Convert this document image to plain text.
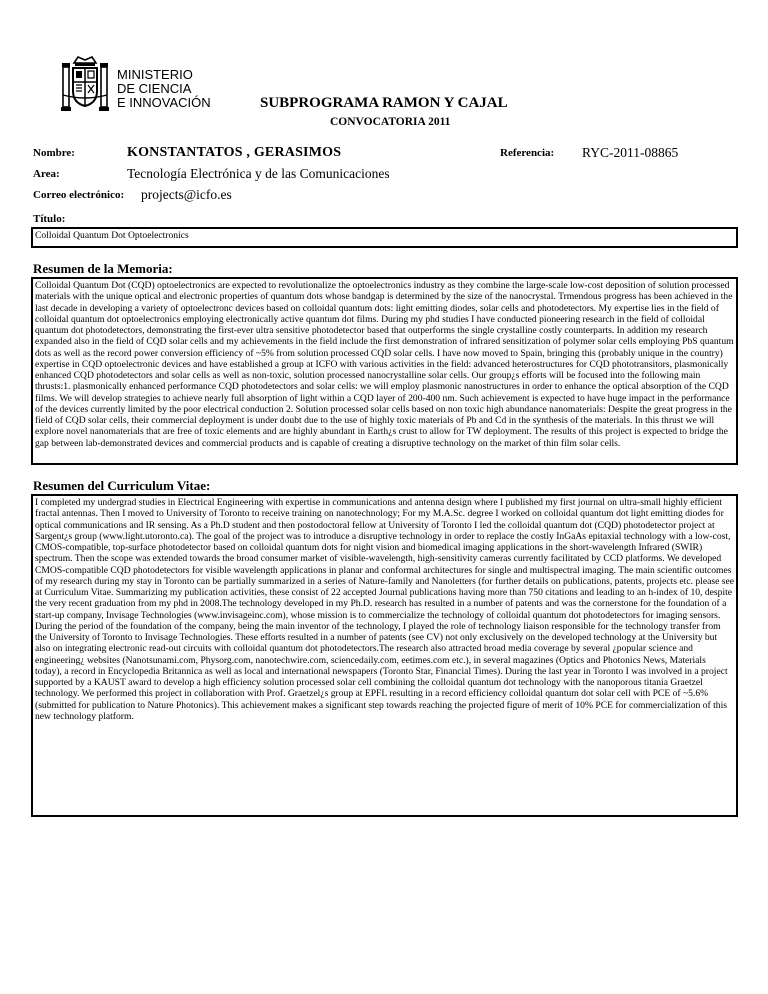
MINISTERIO
DE CIENCIA
E INNOVACIÓN	SUBPROGRAMA RAMON Y CAJAL
CONVOCATORIA 2011
Nombre:	KONSTANTATOS , GERASIMOS	Referencia: RYC-2011-08865
Area:	Tecnología Electrónica y de las Comunicaciones
Correo electrónico: projects@icfo.es
Título:
Colloidal Quantum Dot Optoelectronics
Resumen de la Memoria:
Colloidal Quantum Dot (CQD) optoelectronics are expected to revolutionalize the optoelectronics industry as they combine the large-scale low-cost deposition of solution processed materials with the unique optical and electronic properties of quantum dots whose bandgap is determined by the size of the nanocrystal. Trmendous progress has been achieved in the last decade in developing a variety of optoelectronc devices based on colloidal quantum dots: light emitting diodes, solar cells and photodetectors. My expertise lies in the field of colloidal quantum dot optoelectronics employing electronically active quantum dot films. During my phd studies I have conducted pioneering research in the field of colloidal quantum dot photodetectors, demonstrating the first-ever ultra sensitive photodetector based that outperforms the single crystalline costly counterparts. In addition my research expanded also in the field of CQD solar cells and my achievements in the field include the first demonstration of infrared sensitization of polymer solar cells employing PbS quantum dots as well as the record power conversion efficiency of ~5% from solution processed CQD solar cells. I have now moved to Spain, bringing this (probably unique in the country) expertise in CQD optoelectronic devices and have established a group at ICFO with various activities in the field: advanced heterostructures for CQD phototransitors, plasmonically enhanced CQD photodetectors and solar cells as well as non-toxic, solution processed nanocrystalline solar cells. Our group¿s efforts will be focused into the following main thrusts:1. plasmonically enhanced performance CQD photodetectors and solar cells: we will employ plasmonic nanostructures in order to enhance the optical absorption of the CQD films. We will develop strategies to achieve nearly full absorption of light within a CQD layer of 200-400 nm. Such achievement is expected to have huge impact in the performance of the devices currently limited by the poor electrical conduction 2. Solution processed solar cells based on non toxic high abundance nanomaterials: Despite the great progress in the field of CQD solar cells, their commercial deployment is under doubt due to the use of highly toxic materials of Pb and Cd in the synthesis of the materials. In this thrust we will explore novel nanomaterials that are free of toxic elements and are highly abundant in Earth¿s crust to allow for TW deployment. The results of this project is expected to bridge the gap between lab-demonstrated devices and commercial products and is capable of creating a disruptive technology on the market of thin film solar cells.
Resumen del Curriculum Vitae:
I completed my undergrad studies in Electrical Engineering with expertise in communications and antenna design where I published my first journal on ultra-small highly efficient fractal antennas. Then I moved to University of Toronto to receive training on nanotechnology; For my M.A.Sc. degree I worked on colloidal quantum dot light emitting diodes for optical communications and IR sensing. As a Ph.D student and then postodoctoral fellow at University of Toronto I led the colloidal quantum dot (CQD) photodetector project at Sargent¿s group (www.light.utoronto.ca). The goal of the project was to introduce a disruptive technology in order to replace the costly InGaAs epitaxial technology with a low-cost, CMOS-compatible, top-surface photodetector based on colloidal quantum dots for night vision and biomedical imaging applications in the short-wavelength Infrared (SWIR) spectrum. Then the scope was extended towards the broad consumer market of visible-wavelength, high-sensitivity cameras currently facilitated by CCD platforms. We developed CMOS-compatible CQD photodetectors for visible wavelength applications in planar and conformal architectures for single and multispectral imaging. The main scientific outcomes of my research during my stay in Toronto can be partially summarized in a series of Nature-family and Nanoletters (for further details on publications, patents, projects etc. please see at Curriculum Vitae. Summarizing my publication activities, these consist of 22 accepted Journal publications having more than 750 citations and leading to an h-index of 10, despite the very recent graduation from my phd in 2008.The technology developed in my Ph.D. research has resulted in a number of patents and was the cornerstone for the foundation of a start-up company, Invisage Technologies (www.invisageinc.com), whose mission is to commercialize the technology of colloidal quantum dot photodetectors for imaging sensors. During the period of the foundation of the company, being the main inventor of the technology, I played the role of technology liaison responsible for the technology transfer from the University of Toronto to Invisage Technologies. These efforts resulted in a number of patents (see CV) not only exclusively on the developed technology at the University but also on integrating electronic read-out circuits with colloidal quantum dot photodetectors.The research also attracted broad media coverage by several ¿popular science and engineering¿ websites (Nanotsunami.com, Physorg.com, nanotechwire.com, sciencedaily.com, eetimes.com etc.), in several magazines (Optics and Photonics News, Materials today), a record in Encyclopedia Britannica as well as local and international newspapers (Toronto Star, Financial Times). During the last year in Toronto I was involved in a project supported by a KAUST award to develop a high efficiency solution processed solar cell combining the colloidal quantum dot technology with the nanoporous titania Graetzel technology. We performed this project in collaboration with Prof. Graetzel¿s group at EPFL resulting in a record efficiency colloidal quantum dot solar cell with PCE of ~5.6% (submitted for publication to Nature Photonics). This achievement makes a significant step towards reaching the projected figure of merit of 10% PCE for commercialization of this new technology platform.
